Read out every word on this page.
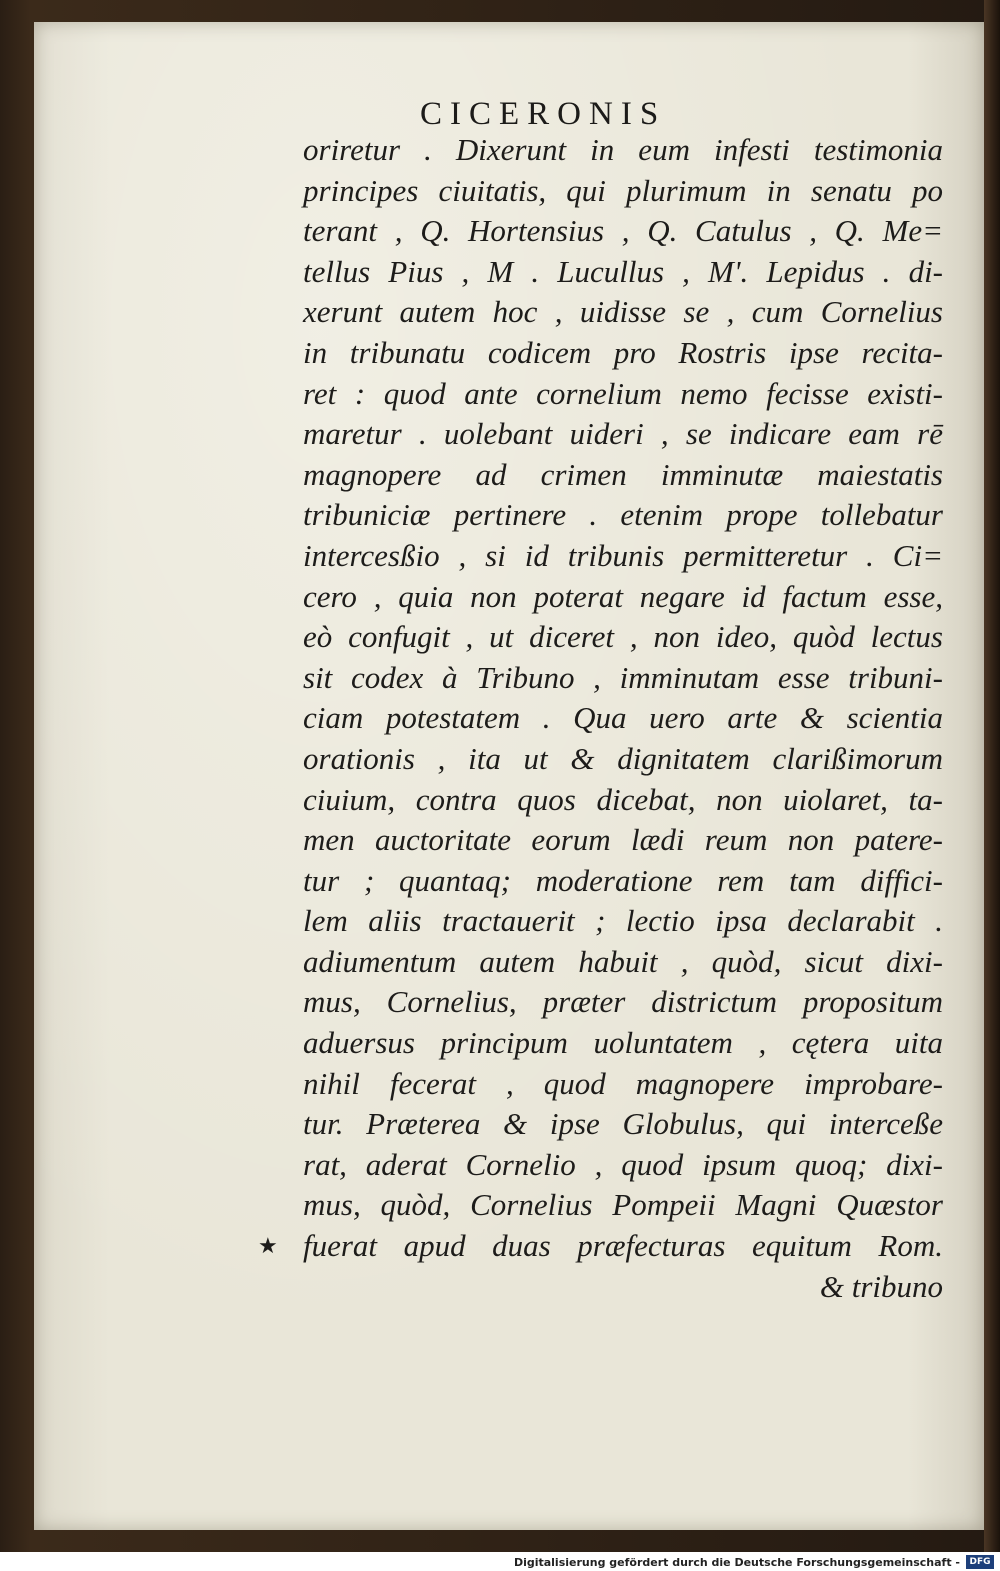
CICERONIS
oriretur . Dixerunt in eum infesti testimonia
principes ciuitatis, qui plurimum in senatu po
terant , Q. Hortensius , Q. Catulus , Q. Me=
tellus Pius , M . Lucullus , M'. Lepidus . di-
xerunt autem hoc , uidisse se , cum Cornelius
in tribunatu codicem pro Rostris ipse recita-
ret : quod ante cornelium nemo fecisse existi-
maretur . uolebant uideri , se indicare eam rē
magnopere ad crimen imminutæ maiestatis
tribuniciæ pertinere . etenim prope tollebatur
intercesßio , si id tribunis permitteretur . Ci=
cero , quia non poterat negare id factum esse,
eò confugit , ut diceret , non ideo, quòd lectus
sit codex à Tribuno , imminutam esse tribuni-
ciam potestatem . Qua uero arte & scientia
orationis , ita ut & dignitatem clarißimorum
ciuium, contra quos dicebat, non uiolaret, ta-
men auctoritate eorum lædi reum non patere-
tur ; quantaq; moderatione rem tam diffici-
lem aliis tractauerit ; lectio ipsa declarabit .
adiumentum autem habuit , quòd, sicut dixi-
mus, Cornelius, præter districtum propositum
aduersus principum uoluntatem , cętera uita
nihil fecerat , quod magnopere improbare-
tur. Præterea & ipse Globulus, qui interceße
rat, aderat Cornelio , quod ipsum quoq; dixi-
mus, quòd, Cornelius Pompeii Magni Quæstor
fuerat apud duas præfecturas equitum Rom.
& tribuno
★
Digitalisierung gefördert durch die Deutsche Forschungsgemeinschaft -	DFG
